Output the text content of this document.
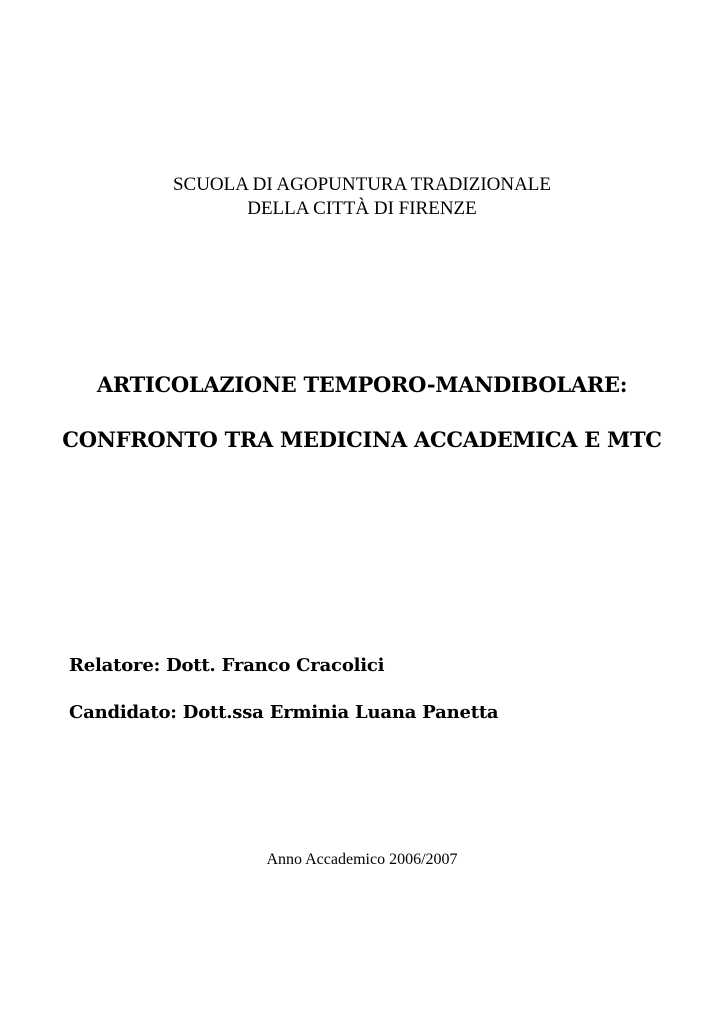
SCUOLA DI AGOPUNTURA TRADIZIONALE
DELLA CITTÀ DI FIRENZE
ARTICOLAZIONE TEMPORO-MANDIBOLARE:
CONFRONTO TRA MEDICINA ACCADEMICA E MTC
Relatore: Dott. Franco Cracolici
Candidato: Dott.ssa Erminia Luana Panetta
Anno Accademico 2006/2007
